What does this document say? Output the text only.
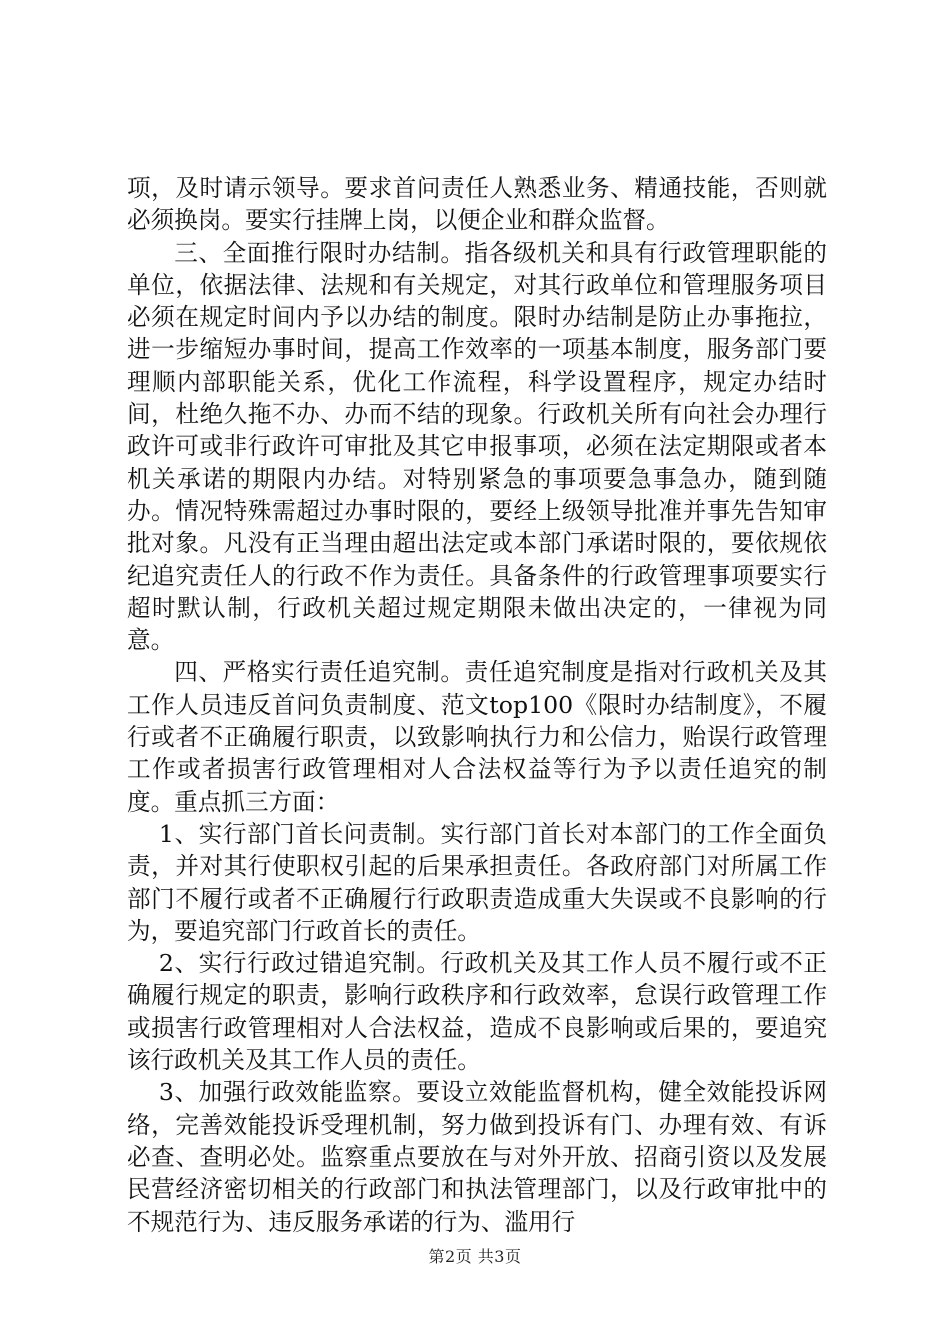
项，及时请示领导。要求首问责任人熟悉业务、精通技能，否则就必须换岗。要实行挂牌上岗，以便企业和群众监督。

三、全面推行限时办结制。指各级机关和具有行政管理职能的单位，依据法律、法规和有关规定，对其行政单位和管理服务项目必须在规定时间内予以办结的制度。限时办结制是防止办事拖拉，进一步缩短办事时间，提高工作效率的一项基本制度，服务部门要理顺内部职能关系，优化工作流程，科学设置程序，规定办结时间，杜绝久拖不办、办而不结的现象。行政机关所有向社会办理行政许可或非行政许可审批及其它申报事项，必须在法定期限或者本机关承诺的期限内办结。对特别紧急的事项要急事急办，随到随办。情况特殊需超过办事时限的，要经上级领导批准并事先告知审批对象。凡没有正当理由超出法定或本部门承诺时限的，要依规依纪追究责任人的行政不作为责任。具备条件的行政管理事项要实行超时默认制，行政机关超过规定期限未做出决定的，一律视为同意。

四、严格实行责任追究制。责任追究制度是指对行政机关及其工作人员违反首问负责制度、范文top100《限时办结制度》，不履行或者不正确履行职责，以致影响执行力和公信力，贻误行政管理工作或者损害行政管理相对人合法权益等行为予以责任追究的制度。重点抓三方面：

1、实行部门首长问责制。实行部门首长对本部门的工作全面负责，并对其行使职权引起的后果承担责任。各政府部门对所属工作部门不履行或者不正确履行行政职责造成重大失误或不良影响的行为，要追究部门行政首长的责任。

2、实行行政过错追究制。行政机关及其工作人员不履行或不正确履行规定的职责，影响行政秩序和行政效率，怠误行政管理工作或损害行政管理相对人合法权益，造成不良影响或后果的，要追究该行政机关及其工作人员的责任。

3、加强行政效能监察。要设立效能监督机构，健全效能投诉网络，完善效能投诉受理机制，努力做到投诉有门、办理有效、有诉必查、查明必处。监察重点要放在与对外开放、招商引资以及发展民营经济密切相关的行政部门和执法管理部门，以及行政审批中的不规范行为、违反服务承诺的行为、滥用行

第2页 共3页
